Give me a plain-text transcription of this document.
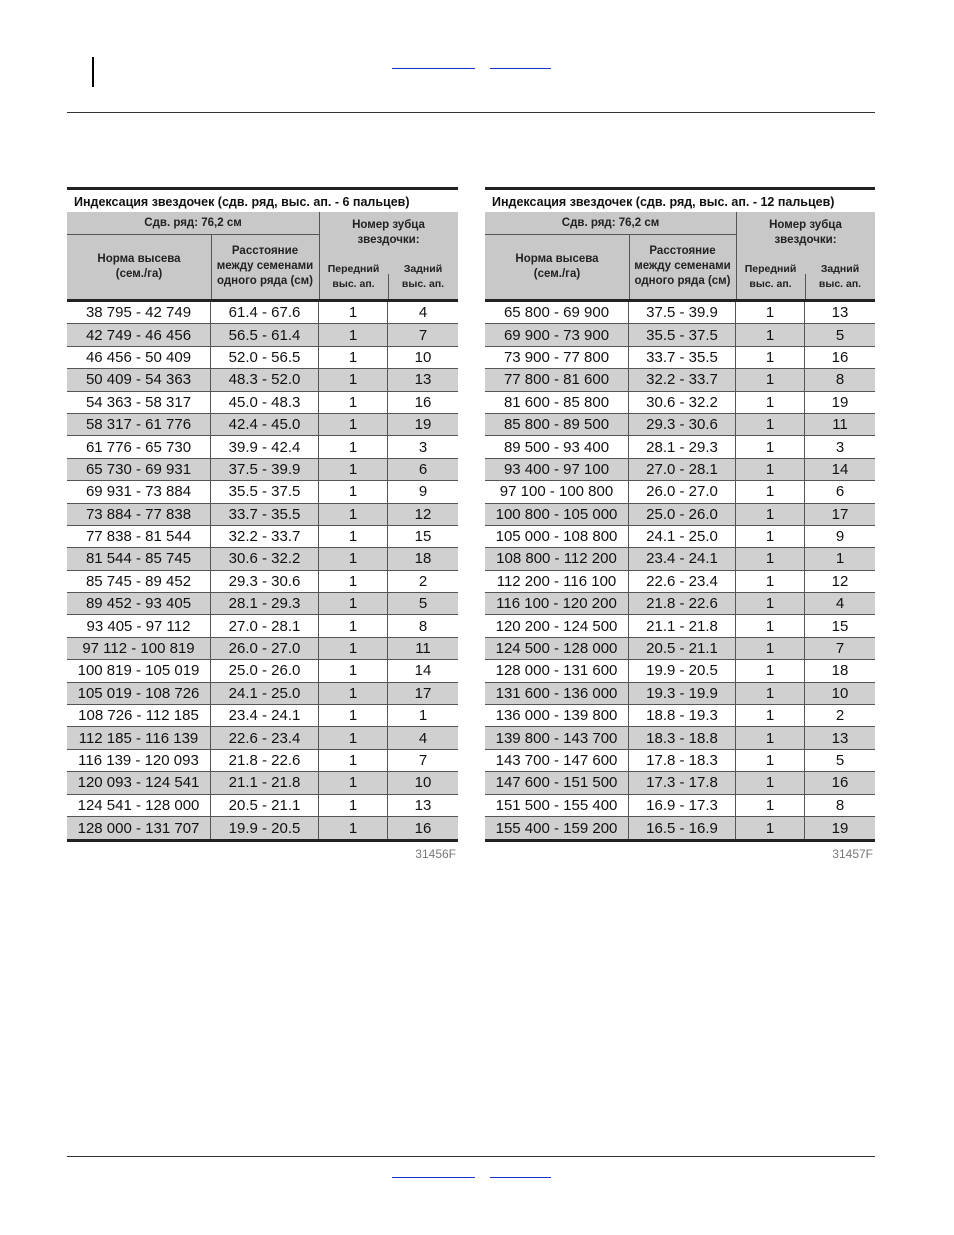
Индексация звездочек (сдв. ряд, выс. ап. - 6 пальцев)
Сдв. ряд: 76,2 см	Номер зубца звездочки:
Норма высева (сем./га)
Расстояние между семенами одного ряда (см)
Передний выс. ап.
Задний выс. ап.
38 795 - 42 749	61.4 - 67.6	1	4
42 749 - 46 456	56.5 - 61.4	1	7
46 456 - 50 409	52.0 - 56.5	1	10
50 409 - 54 363	48.3 - 52.0	1	13
54 363 - 58 317	45.0 - 48.3	1	16
58 317 - 61 776	42.4 - 45.0	1	19
61 776 - 65 730	39.9 - 42.4	1	3
65 730 - 69 931	37.5 - 39.9	1	6
69 931 - 73 884	35.5 - 37.5	1	9
73 884 - 77 838	33.7 - 35.5	1	12
77 838 - 81 544	32.2 - 33.7	1	15
81 544 - 85 745	30.6 - 32.2	1	18
85 745 - 89 452	29.3 - 30.6	1	2
89 452 - 93 405	28.1 - 29.3	1	5
93 405 - 97 112	27.0 - 28.1	1	8
97 112 - 100 819	26.0 - 27.0	1	11
100 819 - 105 019	25.0 - 26.0	1	14
105 019 - 108 726	24.1 - 25.0	1	17
108 726 - 112 185	23.4 - 24.1	1	1
112 185 - 116 139	22.6 - 23.4	1	4
116 139 - 120 093	21.8 - 22.6	1	7
120 093 - 124 541	21.1 - 21.8	1	10
124 541 - 128 000	20.5 - 21.1	1	13
128 000 - 131 707	19.9 - 20.5	1	16
31456F
Индексация звездочек (сдв. ряд, выс. ап. - 12 пальцев)
Сдв. ряд: 76,2 см	Номер зубца звездочки:
Норма высева (сем./га)
Расстояние между семенами одного ряда (см)
Передний выс. ап.
Задний выс. ап.
65 800 - 69 900	37.5 - 39.9	1	13
69 900 - 73 900	35.5 - 37.5	1	5
73 900 - 77 800	33.7 - 35.5	1	16
77 800 - 81 600	32.2 - 33.7	1	8
81 600 - 85 800	30.6 - 32.2	1	19
85 800 - 89 500	29.3 - 30.6	1	11
89 500 - 93 400	28.1 - 29.3	1	3
93 400 - 97 100	27.0 - 28.1	1	14
97 100 - 100 800	26.0 - 27.0	1	6
100 800 - 105 000	25.0 - 26.0	1	17
105 000 - 108 800	24.1 - 25.0	1	9
108 800 - 112 200	23.4 - 24.1	1	1
112 200 - 116 100	22.6 - 23.4	1	12
116 100 - 120 200	21.8 - 22.6	1	4
120 200 - 124 500	21.1 - 21.8	1	15
124 500 - 128 000	20.5 - 21.1	1	7
128 000 - 131 600	19.9 - 20.5	1	18
131 600 - 136 000	19.3 - 19.9	1	10
136 000 - 139 800	18.8 - 19.3	1	2
139 800 - 143 700	18.3 - 18.8	1	13
143 700 - 147 600	17.8 - 18.3	1	5
147 600 - 151 500	17.3 - 17.8	1	16
151 500 - 155 400	16.9 - 17.3	1	8
155 400 - 159 200	16.5 - 16.9	1	19
31457F
